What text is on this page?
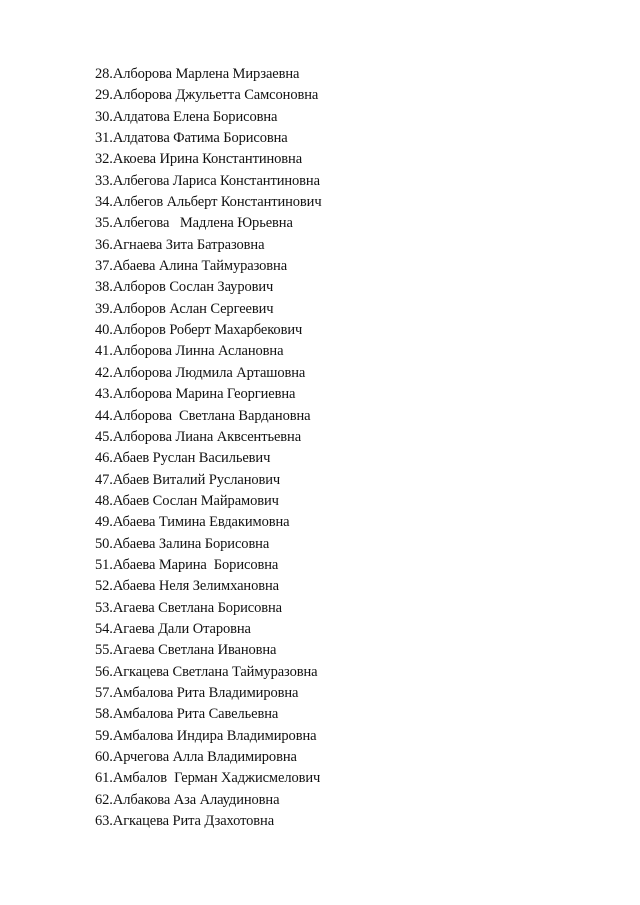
28.Алборова Марлена Мирзаевна
29.Алборова Джульетта Самсоновна
30.Алдатова Елена Борисовна
31.Алдатова Фатима Борисовна
32.Акоева Ирина Константиновна
33.Албегова Лариса Константиновна
34.Албегов Альберт Константинович
35.Албегова   Мадлена Юрьевна
36.Агнаева Зита Батразовна
37.Абаева Алина Таймуразовна
38.Алборов Сослан Заурович
39.Алборов Аслан Сергеевич
40.Алборов Роберт Махарбекович
41.Алборова Линна Аслановна
42.Алборова Людмила Арташовна
43.Алборова Марина Георгиевна
44.Алборова  Светлана Вардановна
45.Алборова Лиана Аквсентьевна
46.Абаев Руслан Васильевич
47.Абаев Виталий Русланович
48.Абаев Сослан Майрамович
49.Абаева Тимина Евдакимовна
50.Абаева Залина Борисовна
51.Абаева Марина  Борисовна
52.Абаева Неля Зелимхановна
53.Агаева Светлана Борисовна
54.Агаева Дали Отаровна
55.Агаева Светлана Ивановна
56.Агкацева Светлана Таймуразовна
57.Амбалова Рита Владимировна
58.Амбалова Рита Савельевна
59.Амбалова Индира Владимировна
60.Арчегова Алла Владимировна
61.Амбалов  Герман Хаджисмелович
62.Албакова Аза Алаудиновна
63.Агкацева Рита Дзахотовна
